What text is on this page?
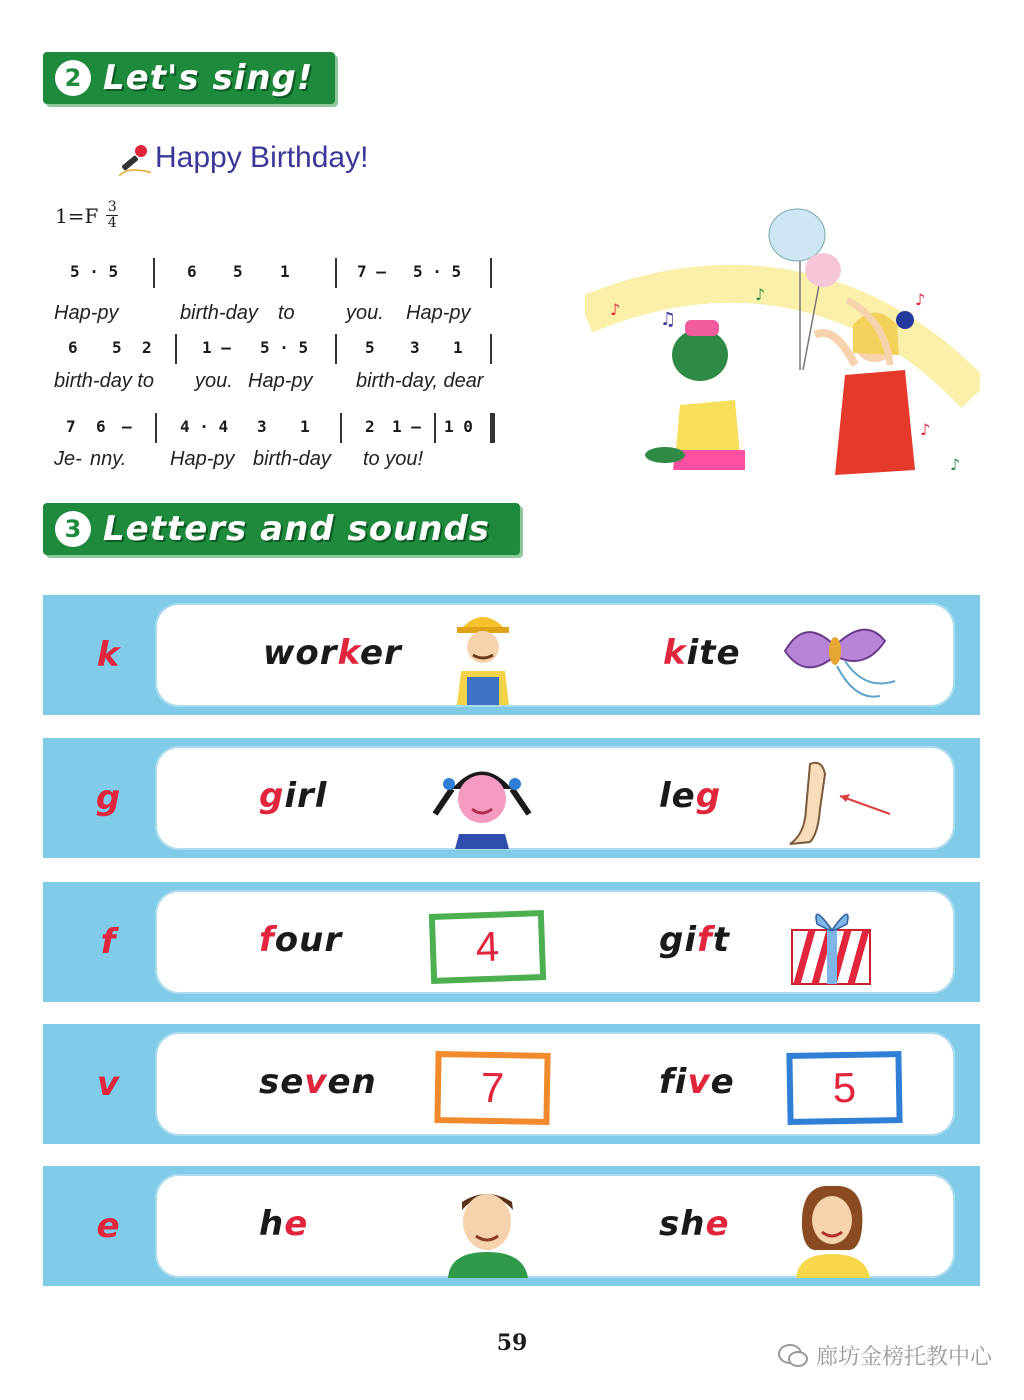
2 Let's sing!
Happy Birthday!
$1=F \frac{3}{4}$
5 · 5	6 5 1	7 – 5 · 5
Hap-py	birth-day to	you. Hap-py
6 5 2	1 – 5 · 5	5 3 1
birth-day to you. Hap-py birth-day, dear
7 6 –	4 · 4 3 1	2 1 – 1 0
Je- nny. Hap-py birth-day to you!
♪ ♫
♪	♪
♪
♪
3 Letters and sounds
k	worker	kite
g	girl	leg
f	four	4	gift
v	seven	7	five	5
e	he	she
59
廊坊金榜托教中心
